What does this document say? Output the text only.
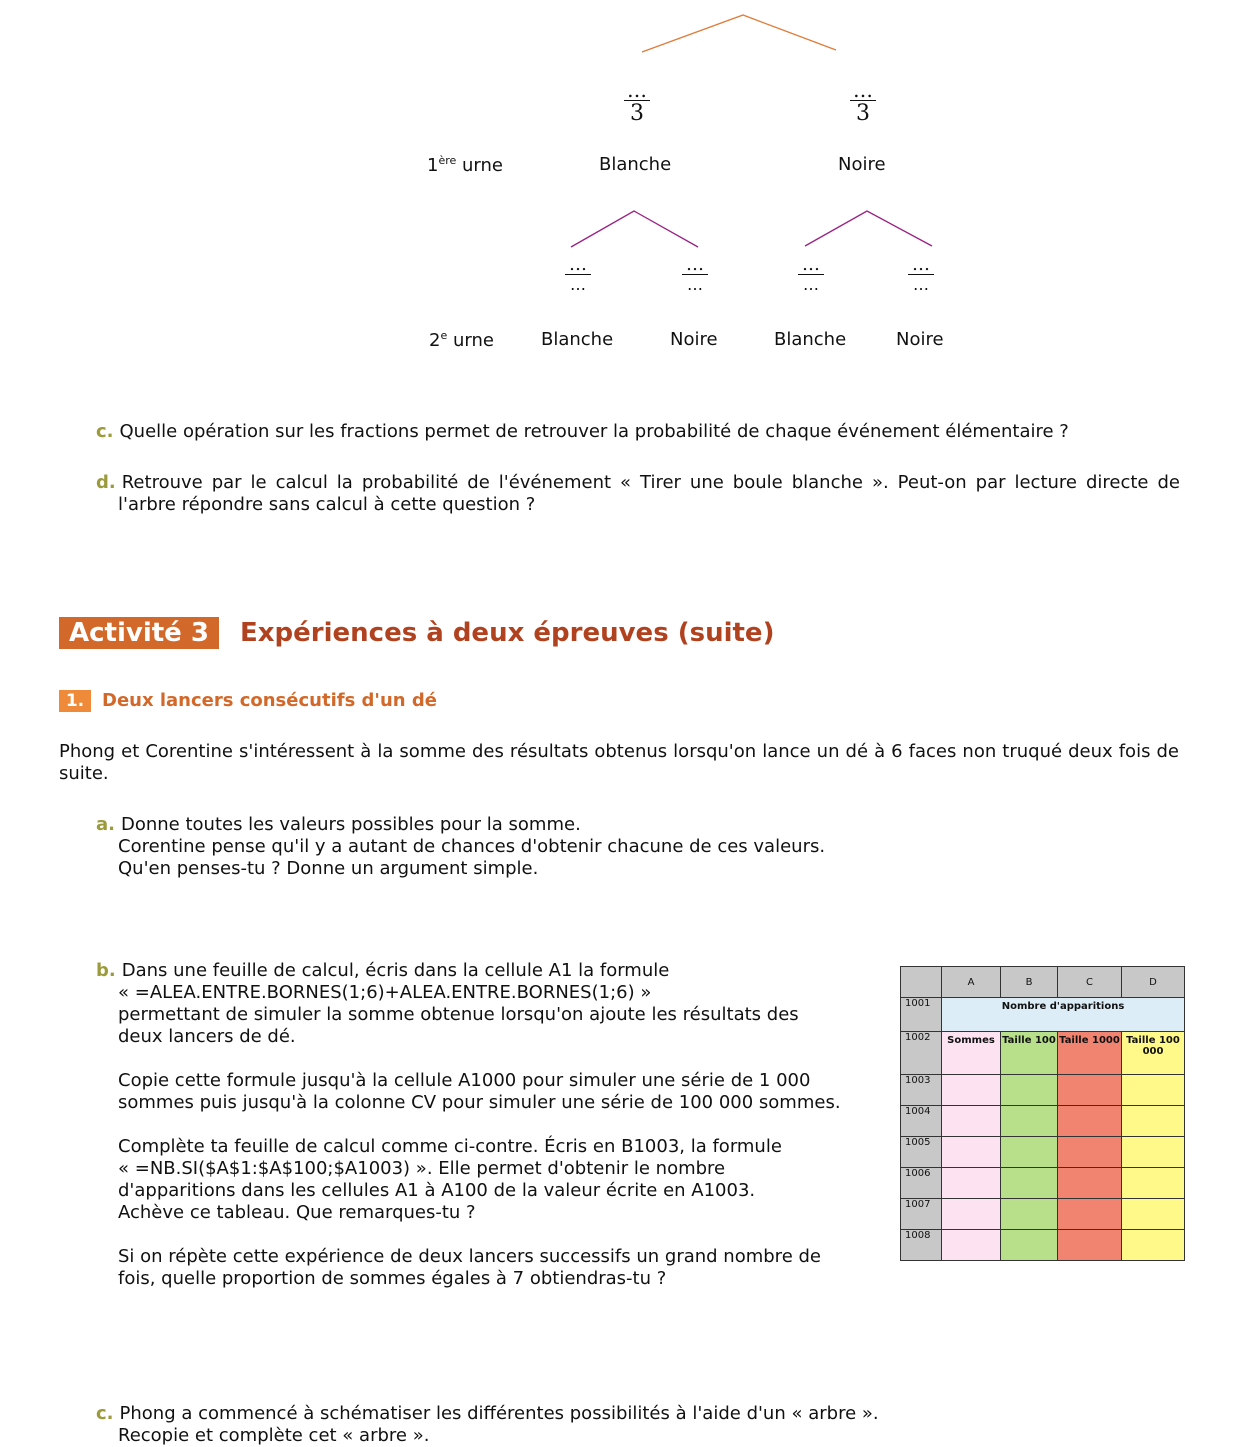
…
3
…
3
1ère urne	Blanche	Noire
…
…
…
…
…
…
…
…
2e urne	Blanche	Noire	Blanche	Noire
c. Quelle opération sur les fractions permet de retrouver la probabilité de chaque événement élémentaire ?
d. Retrouve par le calcul la probabilité de l'événement « Tirer une boule blanche ». Peut-on par lecture directe de l'arbre répondre sans calcul à cette question ?
Activité 3	Expériences à deux épreuves (suite)
1. Deux lancers consécutifs d'un dé
Phong et Corentine s'intéressent à la somme des résultats obtenus lorsqu'on lance un dé à 6 faces non truqué deux fois de suite.
a. Donne toutes les valeurs possibles pour la somme.
Corentine pense qu'il y a autant de chances d'obtenir chacune de ces valeurs.
Qu'en penses-tu ? Donne un argument simple.
b. Dans une feuille de calcul, écris dans la cellule A1 la formule
« =ALEA.ENTRE.BORNES(1;6)+ALEA.ENTRE.BORNES(1;6) »
permettant de simuler la somme obtenue lorsqu'on ajoute les résultats des
deux lancers de dé.
Copie cette formule jusqu'à la cellule A1000 pour simuler une série de 1 000
sommes puis jusqu'à la colonne CV pour simuler une série de 100 000 sommes.
Complète ta feuille de calcul comme ci-contre. Écris en B1003, la formule
« =NB.SI($A$1:$A$100;$A1003) ». Elle permet d'obtenir le nombre
d'apparitions dans les cellules A1 à A100 de la valeur écrite en A1003.
Achève ce tableau. Que remarques-tu ?
Si on répète cette expérience de deux lancers successifs un grand nombre de
fois, quelle proportion de sommes égales à 7 obtiendras-tu ?
	A	B	C	D
1001	Nombre d'apparitions			
1002	Sommes	Taille 100	Taille 1000	Taille 100 000
1003				
1004				
1005				
1006				
1007				
1008				
c. Phong a commencé à schématiser les différentes possibilités à l'aide d'un « arbre ».
Recopie et complète cet « arbre ».
